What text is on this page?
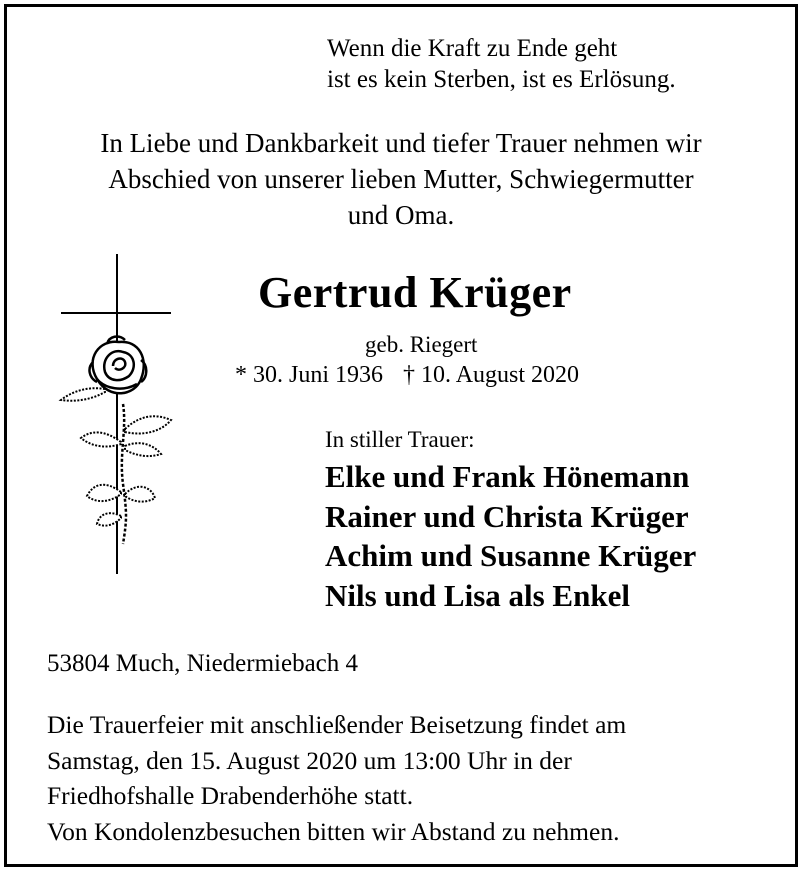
Wenn die Kraft zu Ende geht
ist es kein Sterben, ist es Erlösung.
In Liebe und Dankbarkeit und tiefer Trauer nehmen wir
Abschied von unserer lieben Mutter, Schwiegermutter
und Oma.
Gertrud Krüger
geb. Riegert
* 30. Juni 1936 † 10. August 2020
In stiller Trauer:
Elke und Frank Hönemann
Rainer und Christa Krüger
Achim und Susanne Krüger
Nils und Lisa als Enkel
53804 Much, Niedermiebach 4
Die Trauerfeier mit anschließender Beisetzung findet am
Samstag, den 15. August 2020 um 13:00 Uhr in der
Friedhofshalle Drabenderhöhe statt.
Von Kondolenzbesuchen bitten wir Abstand zu nehmen.
